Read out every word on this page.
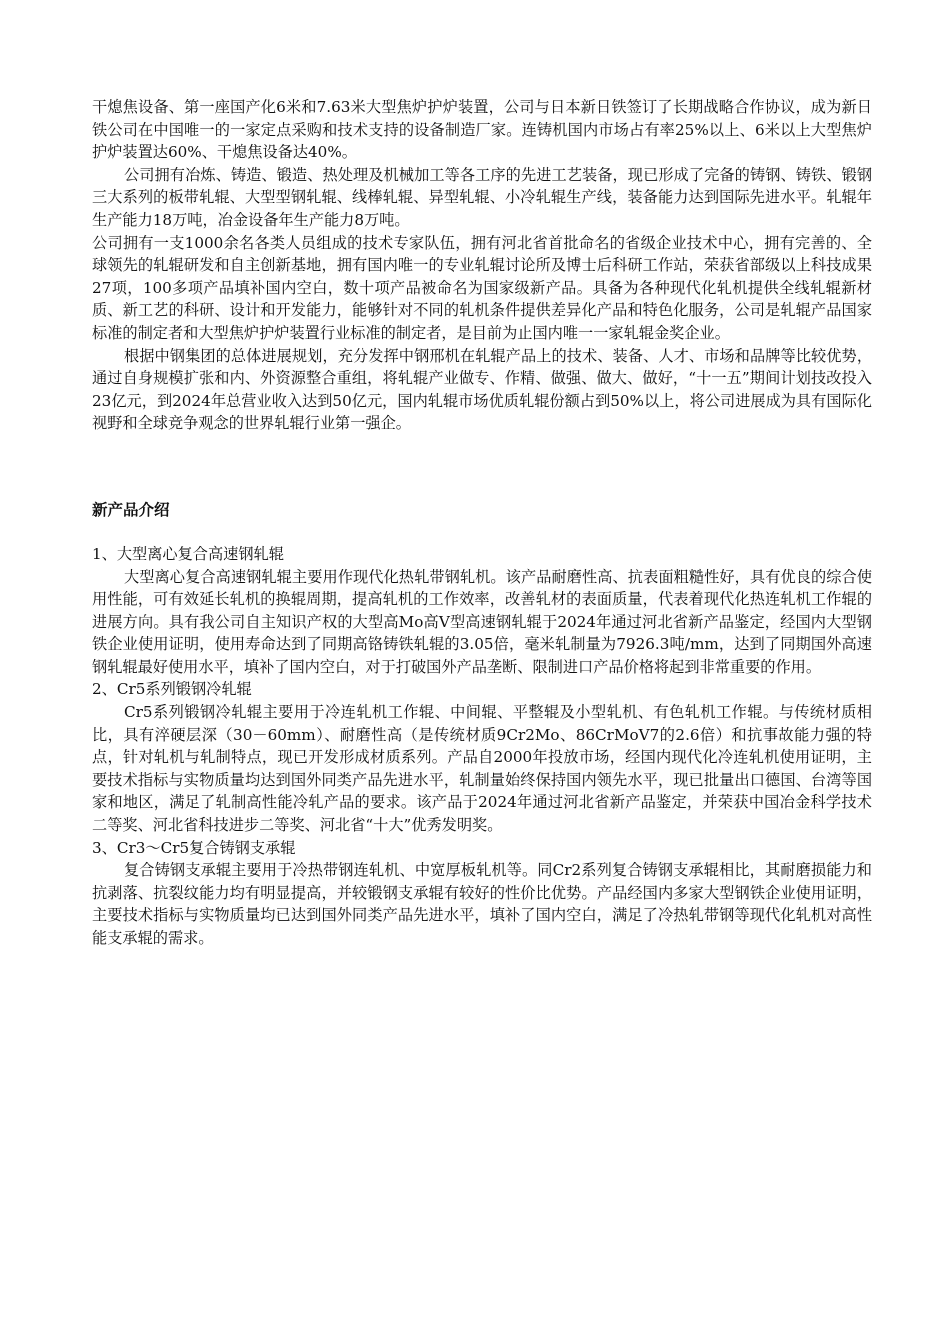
干熄焦设备、第一座国产化6米和7.63米大型焦炉护炉装置，公司与日本新日铁签订了长期战略合作协议，成为新日铁公司在中国唯一的一家定点采购和技术支持的设备制造厂家。连铸机国内市场占有率25%以上、6米以上大型焦炉护炉装置达60%、干熄焦设备达40%。

公司拥有冶炼、铸造、锻造、热处理及机械加工等各工序的先进工艺装备，现已形成了完备的铸钢、铸铁、锻钢三大系列的板带轧辊、大型型钢轧辊、线棒轧辊、异型轧辊、小冷轧辊生产线，装备能力达到国际先进水平。轧辊年生产能力18万吨，冶金设备年生产能力8万吨。

公司拥有一支1000余名各类人员组成的技术专家队伍，拥有河北省首批命名的省级企业技术中心，拥有完善的、全球领先的轧辊研发和自主创新基地，拥有国内唯一的专业轧辊讨论所及博士后科研工作站，荣获省部级以上科技成果27项，100多项产品填补国内空白，数十项产品被命名为国家级新产品。具备为各种现代化轧机提供全线轧辊新材质、新工艺的科研、设计和开发能力，能够针对不同的轧机条件提供差异化产品和特色化服务，公司是轧辊产品国家标准的制定者和大型焦炉护炉装置行业标准的制定者，是目前为止国内唯一一家轧辊金奖企业。

根据中钢集团的总体进展规划，充分发挥中钢邢机在轧辊产品上的技术、装备、人才、市场和品牌等比较优势，通过自身规模扩张和内、外资源整合重组，将轧辊产业做专、作精、做强、做大、做好，“十一五”期间计划技改投入23亿元，到2024年总营业收入达到50亿元，国内轧辊市场优质轧辊份额占到50%以上，将公司进展成为具有国际化视野和全球竞争观念的世界轧辊行业第一强企。

新产品介绍

1、大型离心复合高速钢轧辊

大型离心复合高速钢轧辊主要用作现代化热轧带钢轧机。该产品耐磨性高、抗表面粗糙性好，具有优良的综合使用性能，可有效延长轧机的换辊周期，提高轧机的工作效率，改善轧材的表面质量，代表着现代化热连轧机工作辊的进展方向。具有我公司自主知识产权的大型高Mo高V型高速钢轧辊于2024年通过河北省新产品鉴定，经国内大型钢铁企业使用证明，使用寿命达到了同期高铬铸铁轧辊的3.05倍，毫米轧制量为7926.3吨/mm，达到了同期国外高速钢轧辊最好使用水平，填补了国内空白，对于打破国外产品垄断、限制进口产品价格将起到非常重要的作用。

2、Cr5系列锻钢冷轧辊

Cr5系列锻钢冷轧辊主要用于冷连轧机工作辊、中间辊、平整辊及小型轧机、有色轧机工作辊。与传统材质相比，具有淬硬层深（30－60mm）、耐磨性高（是传统材质9Cr2Mo、86CrMoV7的2.6倍）和抗事故能力强的特点，针对轧机与轧制特点，现已开发形成材质系列。产品自2000年投放市场，经国内现代化冷连轧机使用证明，主要技术指标与实物质量均达到国外同类产品先进水平，轧制量始终保持国内领先水平，现已批量出口德国、台湾等国家和地区，满足了轧制高性能冷轧产品的要求。该产品于2024年通过河北省新产品鉴定，并荣获中国冶金科学技术二等奖、河北省科技进步二等奖、河北省“十大”优秀发明奖。

3、Cr3～Cr5复合铸钢支承辊

复合铸钢支承辊主要用于冷热带钢连轧机、中宽厚板轧机等。同Cr2系列复合铸钢支承辊相比，其耐磨损能力和抗剥落、抗裂纹能力均有明显提高，并较锻钢支承辊有较好的性价比优势。产品经国内多家大型钢铁企业使用证明，主要技术指标与实物质量均已达到国外同类产品先进水平，填补了国内空白，满足了冷热轧带钢等现代化轧机对高性能支承辊的需求。
